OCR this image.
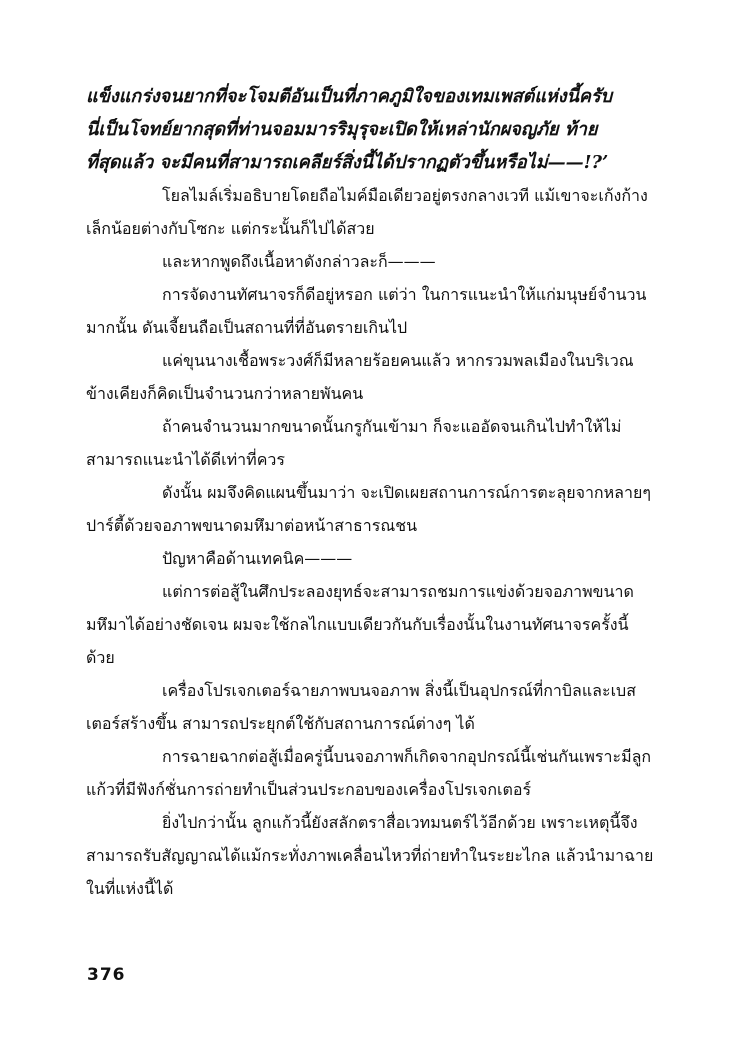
แข็งแกร่งจนยากที่จะโจมตีอันเป็นที่ภาคภูมิใจของเทมเพสต์แห่งนี้ครับ

นี่เป็นโจทย์ยากสุดที่ท่านจอมมารริมุรุจะเปิดให้เหล่านักผจญภัย ท้าย

ที่สุดแล้ว จะมีคนที่สามารถเคลียร์สิ่งนี้ได้ปรากฏตัวขึ้นหรือไม่——!?’

โยลไมล์เริ่มอธิบายโดยถือไมค์มือเดียวอยู่ตรงกลางเวที แม้เขาจะเก้งก้างเล็กน้อยต่างกับโซกะ แต่กระนั้นก็ไปได้สวย

และหากพูดถึงเนื้อหาดังกล่าวละก็———

การจัดงานทัศนาจรก็ดีอยู่หรอก แต่ว่า ในการแนะนำให้แก่มนุษย์จำนวนมากนั้น ดันเจี้ยนถือเป็นสถานที่ที่อันตรายเกินไป

แค่ขุนนางเชื้อพระวงศ์ก็มีหลายร้อยคนแล้ว หากรวมพลเมืองในบริเวณข้างเคียงก็คิดเป็นจำนวนกว่าหลายพันคน

ถ้าคนจำนวนมากขนาดนั้นกรูกันเข้ามา ก็จะแออัดจนเกินไปทำให้ไม่สามารถแนะนำได้ดีเท่าที่ควร

ดังนั้น ผมจึงคิดแผนขึ้นมาว่า จะเปิดเผยสถานการณ์การตะลุยจากหลายๆ ปาร์ตี้ด้วยจอภาพขนาดมหึมาต่อหน้าสาธารณชน

ปัญหาคือด้านเทคนิค———

แต่การต่อสู้ในศึกประลองยุทธ์จะสามารถชมการแข่งด้วยจอภาพขนาดมหึมาได้อย่างชัดเจน ผมจะใช้กลไกแบบเดียวกันกับเรื่องนั้นในงานทัศนาจรครั้งนี้ด้วย

เครื่องโปรเจกเตอร์ฉายภาพบนจอภาพ สิ่งนี้เป็นอุปกรณ์ที่กาบิลและเบสเตอร์สร้างขึ้น สามารถประยุกต์ใช้กับสถานการณ์ต่างๆ ได้

การฉายฉากต่อสู้เมื่อครู่นี้บนจอภาพก็เกิดจากอุปกรณ์นี้เช่นกันเพราะมีลูกแก้วที่มีฟังก์ชั่นการถ่ายทำเป็นส่วนประกอบของเครื่องโปรเจกเตอร์

ยิ่งไปกว่านั้น ลูกแก้วนี้ยังสลักตราสื่อเวทมนตร์ไว้อีกด้วย เพราะเหตุนี้จึงสามารถรับสัญญาณได้แม้กระทั่งภาพเคลื่อนไหวที่ถ่ายทำในระยะไกล แล้วนำมาฉายในที่แห่งนี้ได้

376
